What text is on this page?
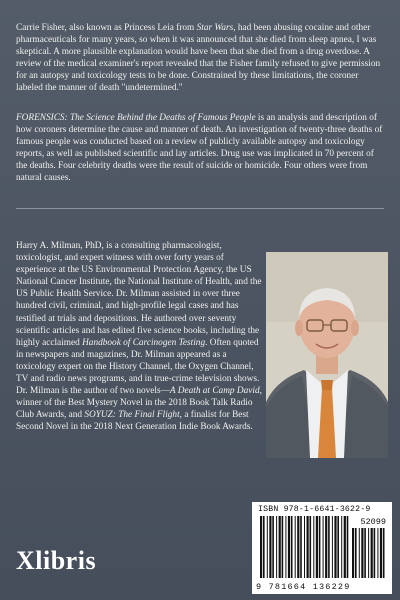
Carrie Fisher, also known as Princess Leia from Star Wars, had been abusing cocaine and other pharmaceuticals for many years, so when it was announced that she died from sleep apnea, I was skeptical. A more plausible explanation would have been that she died from a drug overdose. A review of the medical examiner's report revealed that the Fisher family refused to give permission for an autopsy and toxicology tests to be done. Constrained by these limitations, the coroner labeled the manner of death "undetermined."

FORENSICS: The Science Behind the Deaths of Famous People is an analysis and description of how coroners determine the cause and manner of death. An investigation of twenty-three deaths of famous people was conducted based on a review of publicly available autopsy and toxicology reports, as well as published scientific and lay articles. Drug use was implicated in 70 percent of the deaths. Four celebrity deaths were the result of suicide or homicide. Four others were from natural causes.

Harry A. Milman, PhD, is a consulting pharmacologist, toxicologist, and expert witness with over forty years of experience at the US Environmental Protection Agency, the US National Cancer Institute, the National Institute of Health, and the US Public Health Service. Dr. Milman assisted in over three hundred civil, criminal, and high-profile legal cases and has testified at trials and depositions. He authored over seventy scientific articles and has edited five science books, including the highly acclaimed Handbook of Carcinogen Testing. Often quoted in newspapers and magazines, Dr. Milman appeared as a toxicology expert on the History Channel, the Oxygen Channel, TV and radio news programs, and in true-crime television shows. Dr. Milman is the author of two novels—A Death at Camp David, winner of the Best Mystery Novel in the 2018 Book Talk Radio Club Awards, and SOYUZ: The Final Flight, a finalist for Best Second Novel in the 2018 Next Generation Indie Book Awards.

Xlibris
ISBN 978-1-6641-3622-9
52099
9 781664 136229
